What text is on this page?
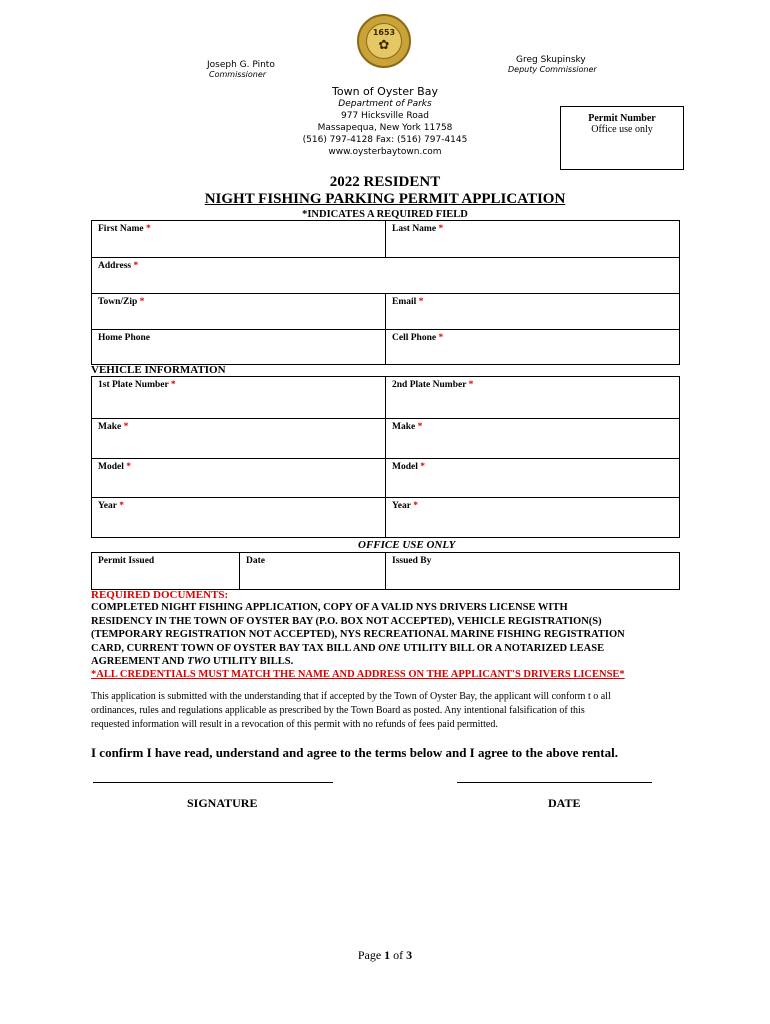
1653
✿
Joseph G. Pinto
Commissioner
Greg Skupinsky
Deputy Commissioner
Town of Oyster Bay
Department of Parks
977 Hicksville Road
Massapequa, New York 11758
(516) 797-4128 Fax: (516) 797-4145
www.oysterbaytown.com
Permit Number
Office use only
2022 RESIDENT
NIGHT FISHING PARKING PERMIT APPLICATION
*INDICATES A REQUIRED FIELD
First Name *	Last Name *
Address *
Town/Zip *	Email *
Home Phone	Cell Phone *
VEHICLE INFORMATION
1st Plate Number *	2nd Plate Number *
Make *	Make *
Model *	Model *
Year *	Year *
OFFICE USE ONLY
Permit Issued	Date	Issued By
REQUIRED DOCUMENTS:
COMPLETED NIGHT FISHING APPLICATION, COPY OF A VALID NYS DRIVERS LICENSE WITH
RESIDENCY IN THE TOWN OF OYSTER BAY (P.O. BOX NOT ACCEPTED), VEHICLE REGISTRATION(S)
(TEMPORARY REGISTRATION NOT ACCEPTED), NYS RECREATIONAL MARINE FISHING REGISTRATION
CARD, CURRENT TOWN OF OYSTER BAY TAX BILL AND ONE UTILITY BILL OR A NOTARIZED LEASE
AGREEMENT AND TWO UTILITY BILLS.
*ALL CREDENTIALS MUST MATCH THE NAME AND ADDRESS ON THE APPLICANT'S DRIVERS LICENSE*
This application is submitted with the understanding that if accepted by the Town of Oyster Bay, the applicant will conform t o all
ordinances, rules and regulations applicable as prescribed by the Town Board as posted. Any intentional falsification of this
requested information will result in a revocation of this permit with no refunds of fees paid permitted.
I confirm I have read, understand and agree to the terms below and I agree to the above rental.
SIGNATURE	DATE
Page 1 of 3
